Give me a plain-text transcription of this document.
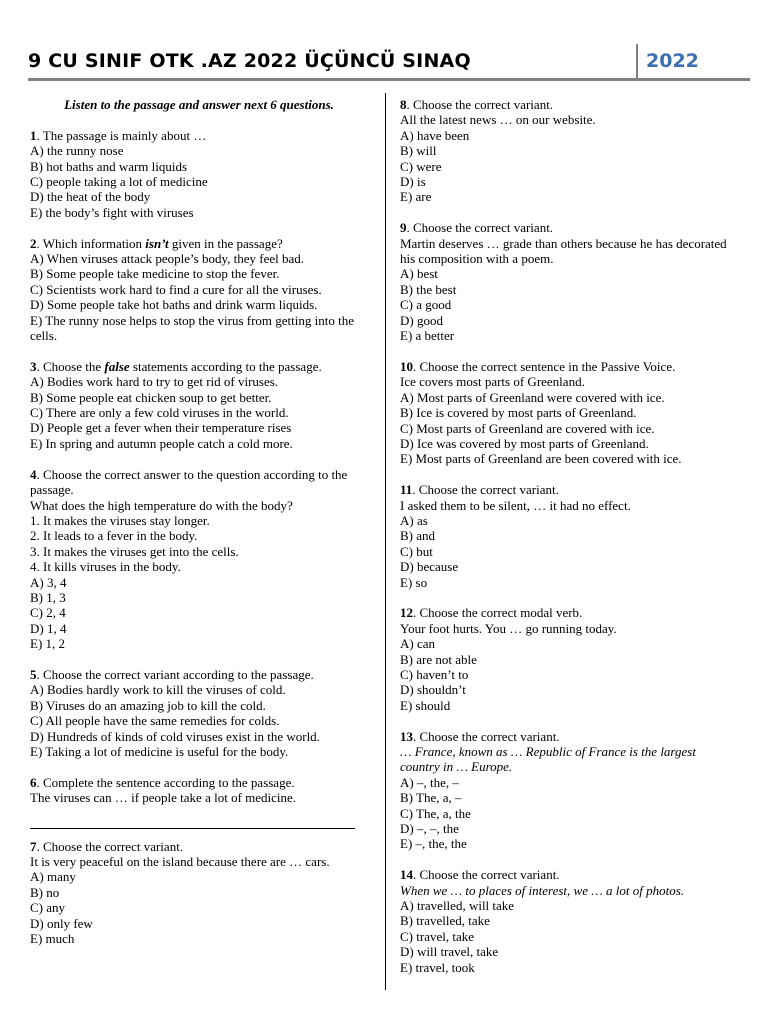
9 CU SINIF OTK .AZ 2022 ÜÇÜNCÜ SINAQ	2022
Listen to the passage and answer next 6 questions.
1. The passage is mainly about …
A) the runny nose
B) hot baths and warm liquids
C) people taking a lot of medicine
D) the heat of the body
E) the body’s fight with viruses
2. Which information isn’t given in the passage?
A) When viruses attack people’s body, they feel bad.
B) Some people take medicine to stop the fever.
C) Scientists work hard to find a cure for all the viruses.
D) Some people take hot baths and drink warm liquids.
E) The runny nose helps to stop the virus from getting into the cells.
3. Choose the false statements according to the passage.
A) Bodies work hard to try to get rid of viruses.
B) Some people eat chicken soup to get better.
C) There are only a few cold viruses in the world.
D) People get a fever when their temperature rises
E) In spring and autumn people catch a cold more.
4. Choose the correct answer to the question according to the passage.
What does the high temperature do with the body?
1. It makes the viruses stay longer.
2. It leads to a fever in the body.
3. It makes the viruses get into the cells.
4. It kills viruses in the body.
A) 3, 4
B) 1, 3
C) 2, 4
D) 1, 4
E) 1, 2
5. Choose the correct variant according to the passage.
A) Bodies hardly work to kill the viruses of cold.
B) Viruses do an amazing job to kill the cold.
C) All people have the same remedies for colds.
D) Hundreds of kinds of cold viruses exist in the world.
E) Taking a lot of medicine is useful for the body.
6. Complete the sentence according to the passage.
The viruses can … if people take a lot of medicine.
7. Choose the correct variant.
It is very peaceful on the island because there are … cars.
A) many
B) no
C) any
D) only few
E) much
8. Choose the correct variant.
All the latest news … on our website.
A) have been
B) will
C) were
D) is
E) are
9. Choose the correct variant.
Martin deserves … grade than others because he has decorated his composition with a poem.
A) best
B) the best
C) a good
D) good
E) a better
10. Choose the correct sentence in the Passive Voice.
Ice covers most parts of Greenland.
A) Most parts of Greenland were covered with ice.
B) Ice is covered by most parts of Greenland.
C) Most parts of Greenland are covered with ice.
D) Ice was covered by most parts of Greenland.
E) Most parts of Greenland are been covered with ice.
11. Choose the correct variant.
I asked them to be silent, … it had no effect.
A) as
B) and
C) but
D) because
E) so
12. Choose the correct modal verb.
Your foot hurts. You … go running today.
A) can
B) are not able
C) haven’t to
D) shouldn’t
E) should
13. Choose the correct variant.
… France, known as … Republic of France is the largest country in … Europe.
A) –, the, –
B) The, a, –
C) The, a, the
D) –, –, the
E) –, the, the
14. Choose the correct variant.
When we … to places of interest, we … a lot of photos.
A) travelled, will take
B) travelled, take
C) travel, take
D) will travel, take
E) travel, took
